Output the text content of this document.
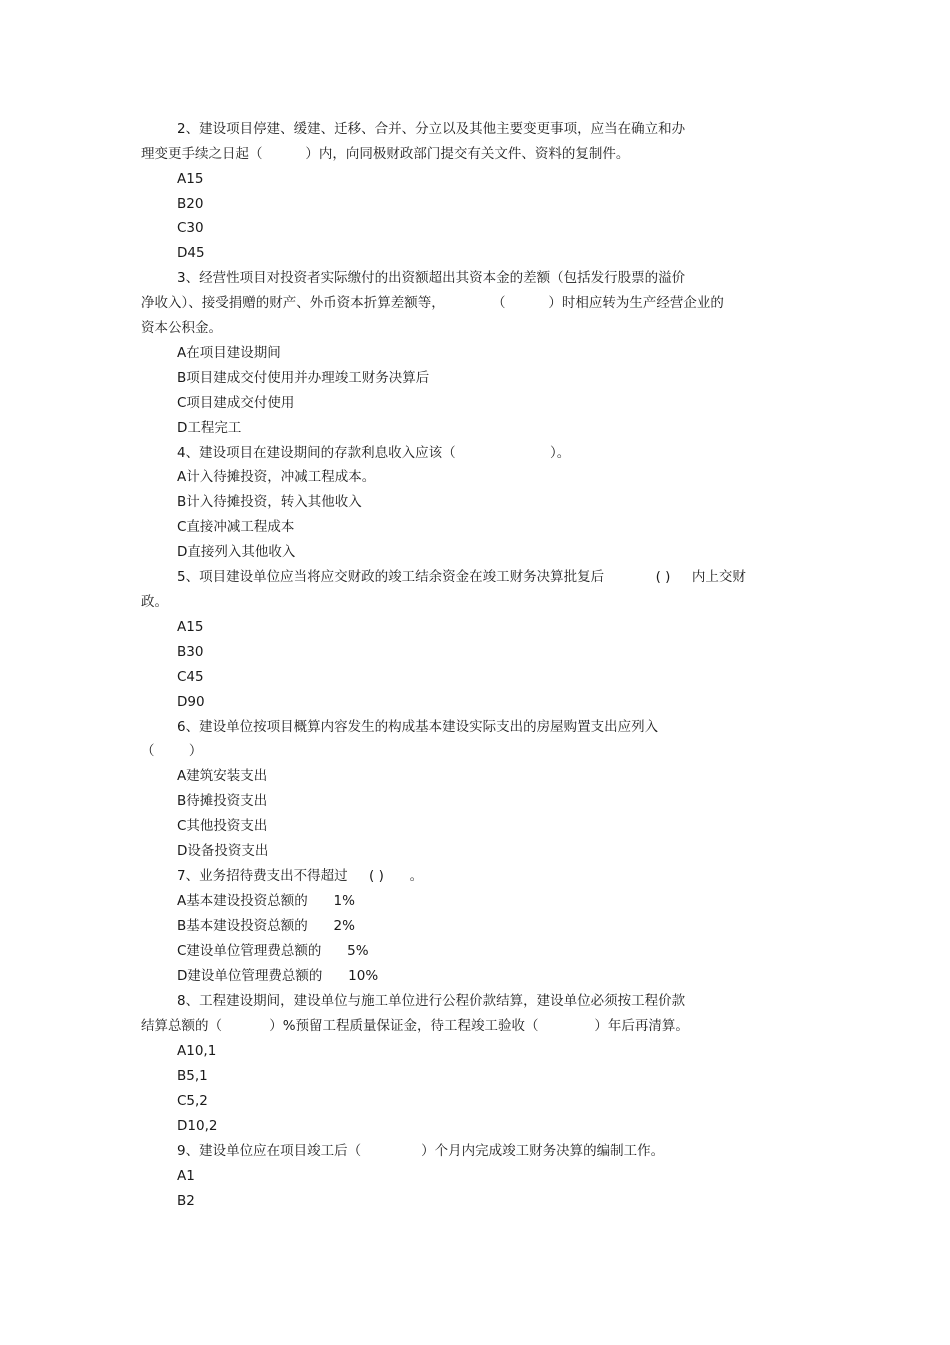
2、建设项目停建、缓建、迁移、合并、分立以及其他主要变更事项，应当在确立和办
理变更手续之日起（          ）内，向同极财政部门提交有关文件、资料的复制件。
A15
B20
C30
D45
3、经营性项目对投资者实际缴付的出资额超出其资本金的差额（包括发行股票的溢价
净收入）、接受捐赠的财产、外币资本折算差额等，           （          ）时相应转为生产经营企业的
资本公积金。
A在项目建设期间
B项目建成交付使用并办理竣工财务决算后
C项目建成交付使用
D工程完工
4、建设项目在建设期间的存款利息收入应该（                      ）。
A计入待摊投资，冲减工程成本。
B计入待摊投资，转入其他收入
C直接冲减工程成本
D直接列入其他收入
5、项目建设单位应当将应交财政的竣工结余资金在竣工财务决算批复后            ( )     内上交财
政。
A15
B30
C45
D90
6、建设单位按项目概算内容发生的构成基本建设实际支出的房屋购置支出应列入
（        ）
A建筑安装支出
B待摊投资支出
C其他投资支出
D设备投资支出
7、业务招待费支出不得超过     ( )      。
A基本建设投资总额的      1%
B基本建设投资总额的      2%
C建设单位管理费总额的      5%
D建设单位管理费总额的      10%
8、工程建设期间，建设单位与施工单位进行公程价款结算，建设单位必须按工程价款
结算总额的（           ）%预留工程质量保证金，待工程竣工验收（             ）年后再清算。
A10,1
B5,1
C5,2
D10,2
9、建设单位应在项目竣工后（              ）个月内完成竣工财务决算的编制工作。
A1
B2
